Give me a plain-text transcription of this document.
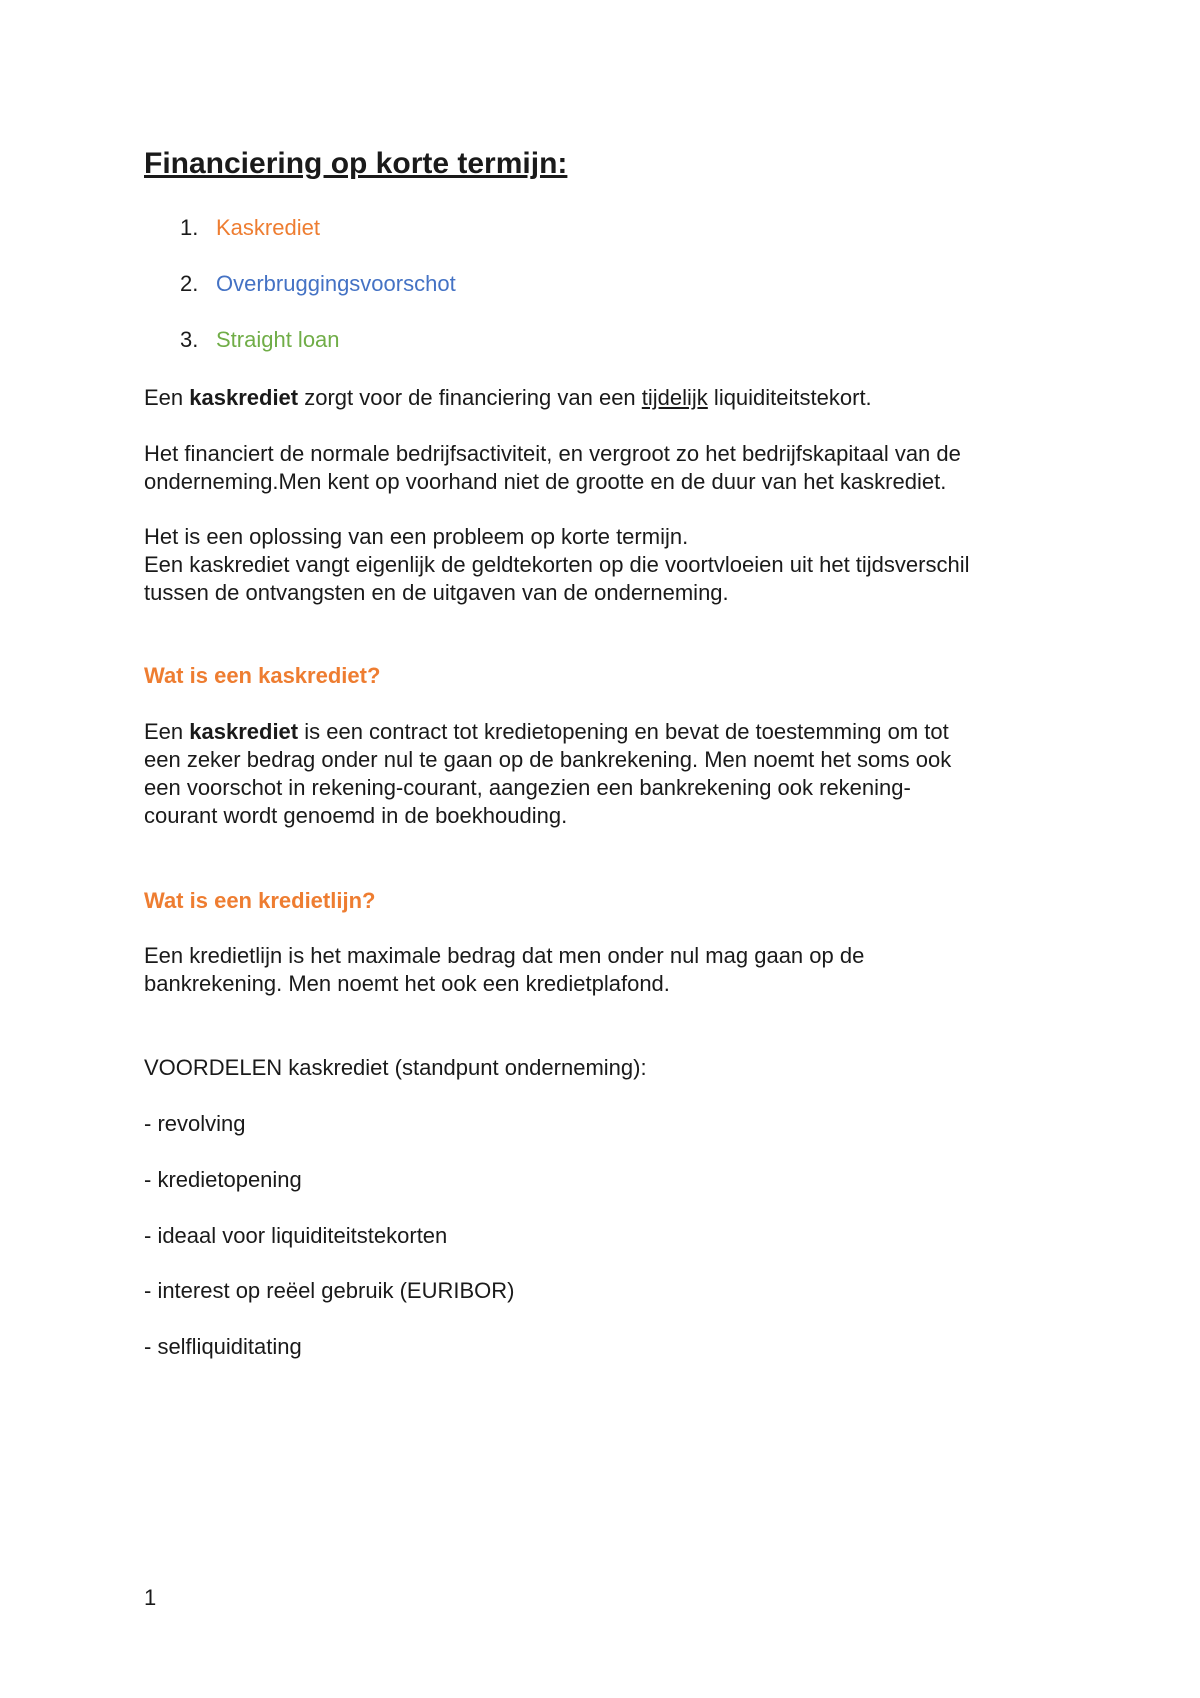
Financiering op korte termijn:
1. Kaskrediet
2. Overbruggingsvoorschot
3. Straight loan

Een kaskrediet zorgt voor de financiering van een tijdelijk liquiditeitstekort.

Het financiert de normale bedrijfsactiviteit, en vergroot zo het bedrijfskapitaal van de
onderneming.Men kent op voorhand niet de grootte en de duur van het kaskrediet.

Het is een oplossing van een probleem op korte termijn.
Een kaskrediet vangt eigenlijk de geldtekorten op die voortvloeien uit het tijdsverschil
tussen de ontvangsten en de uitgaven van de onderneming.

Wat is een kaskrediet?

Een kaskrediet is een contract tot kredietopening en bevat de toestemming om tot
een zeker bedrag onder nul te gaan op de bankrekening. Men noemt het soms ook
een voorschot in rekening-courant, aangezien een bankrekening ook rekening-
courant wordt genoemd in de boekhouding.

Wat is een kredietlijn?

Een kredietlijn is het maximale bedrag dat men onder nul mag gaan op de
bankrekening. Men noemt het ook een kredietplafond.

VOORDELEN kaskrediet (standpunt onderneming):

- revolving

- kredietopening

- ideaal voor liquiditeitstekorten

- interest op reëel gebruik (EURIBOR)

- selfliquiditating

1
